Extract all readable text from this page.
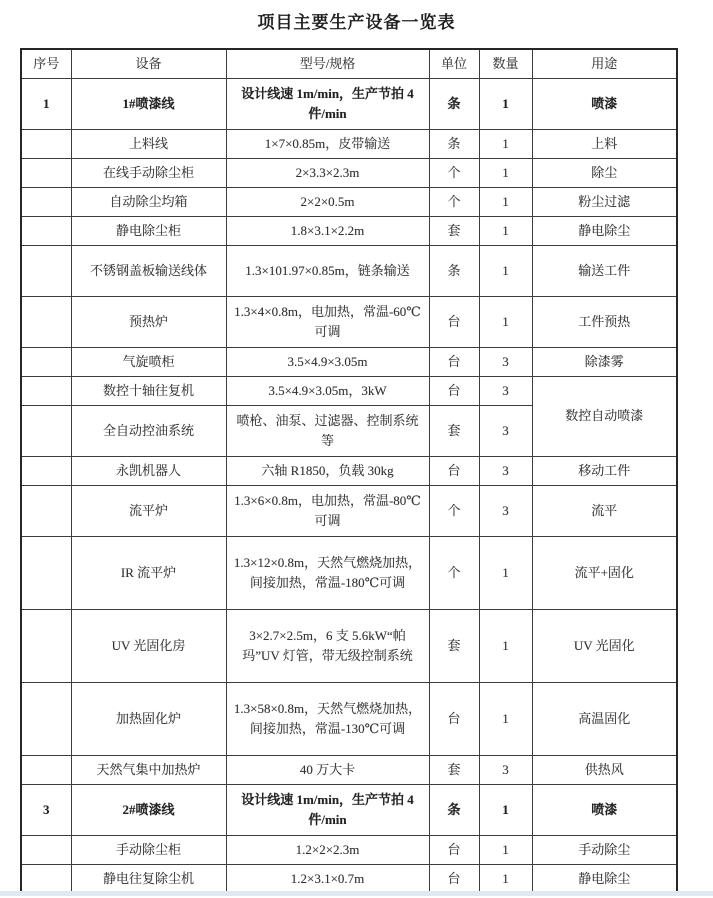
项目主要生产设备一览表
序号	设备	型号/规格	单位	数量	用途
1	1#喷漆线	设计线速 1m/min，生产节拍 4 件/min	条	1	喷漆
	上料线	1×7×0.85m，皮带输送	条	1	上料
	在线手动除尘柜	2×3.3×2.3m	个	1	除尘
	自动除尘均箱	2×2×0.5m	个	1	粉尘过滤
	静电除尘柜	1.8×3.1×2.2m	套	1	静电除尘
	不锈钢盖板输送线体	1.3×101.97×0.85m，链条输送	条	1	输送工件
	预热炉	1.3×4×0.8m，电加热，常温-60℃可调	台	1	工件预热
	气旋喷柜	3.5×4.9×3.05m	台	3	除漆雾
	数控十轴往复机	3.5×4.9×3.05m，3kW	台	3	数控自动喷漆
	全自动控油系统	喷枪、油泵、过滤器、控制系统等	套	3	
	永凯机器人	六轴 R1850，负载 30kg	台	3	移动工件
	流平炉	1.3×6×0.8m，电加热，常温-80℃可调	个	3	流平
	IR 流平炉	1.3×12×0.8m，天然气燃烧加热，间接加热，常温-180℃可调	个	1	流平+固化
	UV 光固化房	3×2.7×2.5m，6 支 5.6kW“帕玛”UV 灯管，带无级控制系统	套	1	UV 光固化
	加热固化炉	1.3×58×0.8m，天然气燃烧加热，间接加热，常温-130℃可调	台	1	高温固化
	天然气集中加热炉	40 万大卡	套	3	供热风
3	2#喷漆线	设计线速 1m/min，生产节拍 4 件/min	条	1	喷漆
	手动除尘柜	1.2×2×2.3m	台	1	手动除尘
	静电往复除尘机	1.2×3.1×0.7m	台	1	静电除尘
